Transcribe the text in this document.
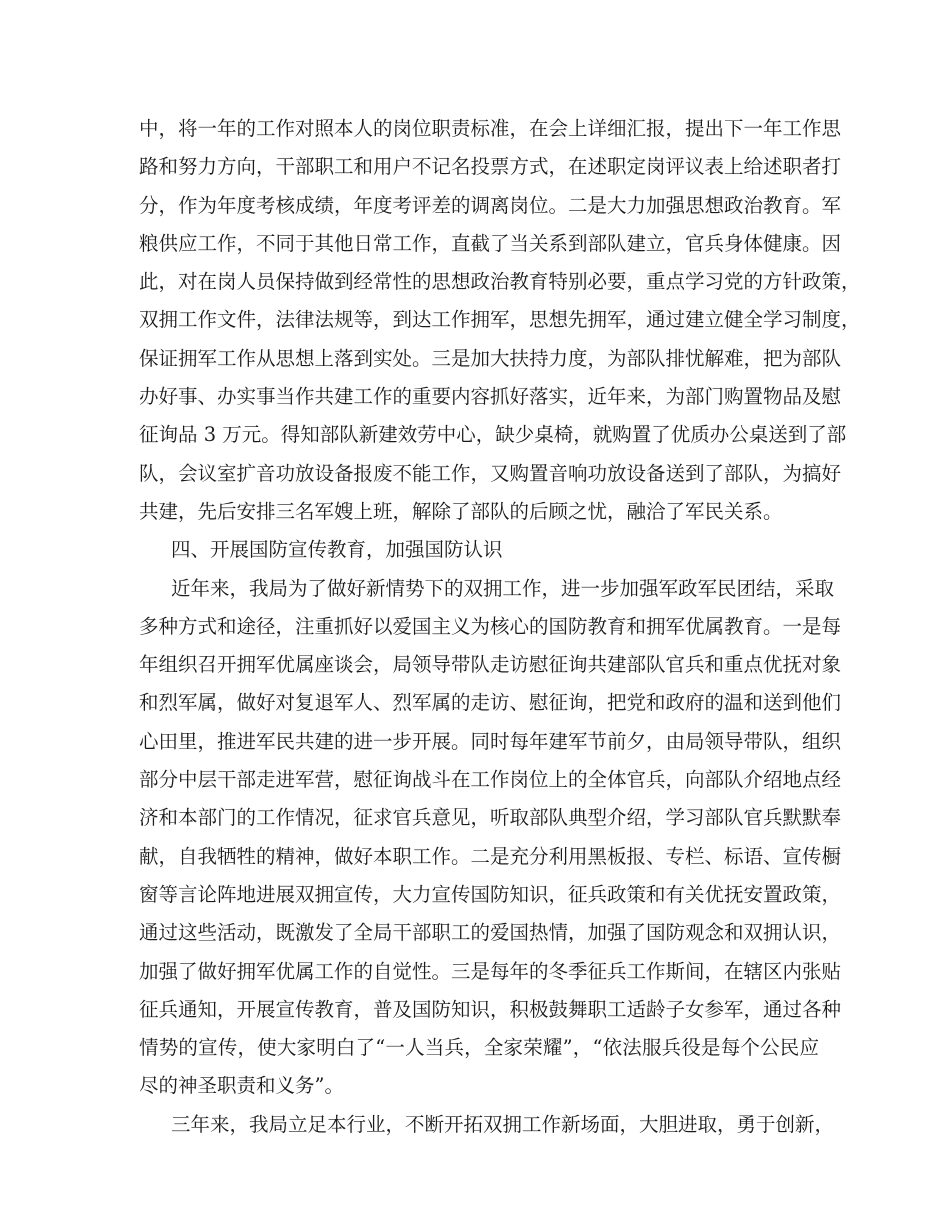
中，将一年的工作对照本人的岗位职责标准，在会上详细汇报，提出下一年工作思
路和努力方向，干部职工和用户不记名投票方式，在述职定岗评议表上给述职者打
分，作为年度考核成绩，年度考评差的调离岗位。二是大力加强思想政治教育。军
粮供应工作，不同于其他日常工作，直截了当关系到部队建立，官兵身体健康。因
此，对在岗人员保持做到经常性的思想政治教育特别必要，重点学习党的方针政策，
双拥工作文件，法律法规等，到达工作拥军，思想先拥军，通过建立健全学习制度，
保证拥军工作从思想上落到实处。三是加大扶持力度，为部队排忧解难，把为部队
办好事、办实事当作共建工作的重要内容抓好落实，近年来，为部门购置物品及慰
征询品 3 万元。得知部队新建效劳中心，缺少桌椅，就购置了优质办公桌送到了部
队，会议室扩音功放设备报废不能工作，又购置音响功放设备送到了部队，为搞好
共建，先后安排三名军嫂上班，解除了部队的后顾之忧，融洽了军民关系。
四、开展国防宣传教育，加强国防认识
近年来，我局为了做好新情势下的双拥工作，进一步加强军政军民团结，采取
多种方式和途径，注重抓好以爱国主义为核心的国防教育和拥军优属教育。一是每
年组织召开拥军优属座谈会，局领导带队走访慰征询共建部队官兵和重点优抚对象
和烈军属，做好对复退军人、烈军属的走访、慰征询，把党和政府的温和送到他们
心田里，推进军民共建的进一步开展。同时每年建军节前夕，由局领导带队，组织
部分中层干部走进军营，慰征询战斗在工作岗位上的全体官兵，向部队介绍地点经
济和本部门的工作情况，征求官兵意见，听取部队典型介绍，学习部队官兵默默奉
献，自我牺牲的精神，做好本职工作。二是充分利用黑板报、专栏、标语、宣传橱
窗等言论阵地进展双拥宣传，大力宣传国防知识，征兵政策和有关优抚安置政策，
通过这些活动，既激发了全局干部职工的爱国热情，加强了国防观念和双拥认识，
加强了做好拥军优属工作的自觉性。三是每年的冬季征兵工作斯间，在辖区内张贴
征兵通知，开展宣传教育，普及国防知识，积极鼓舞职工适龄子女参军，通过各种
情势的宣传，使大家明白了“一人当兵，全家荣耀”，“依法服兵役是每个公民应
尽的神圣职责和义务”。
三年来，我局立足本行业，不断开拓双拥工作新场面，大胆进取，勇于创新，
